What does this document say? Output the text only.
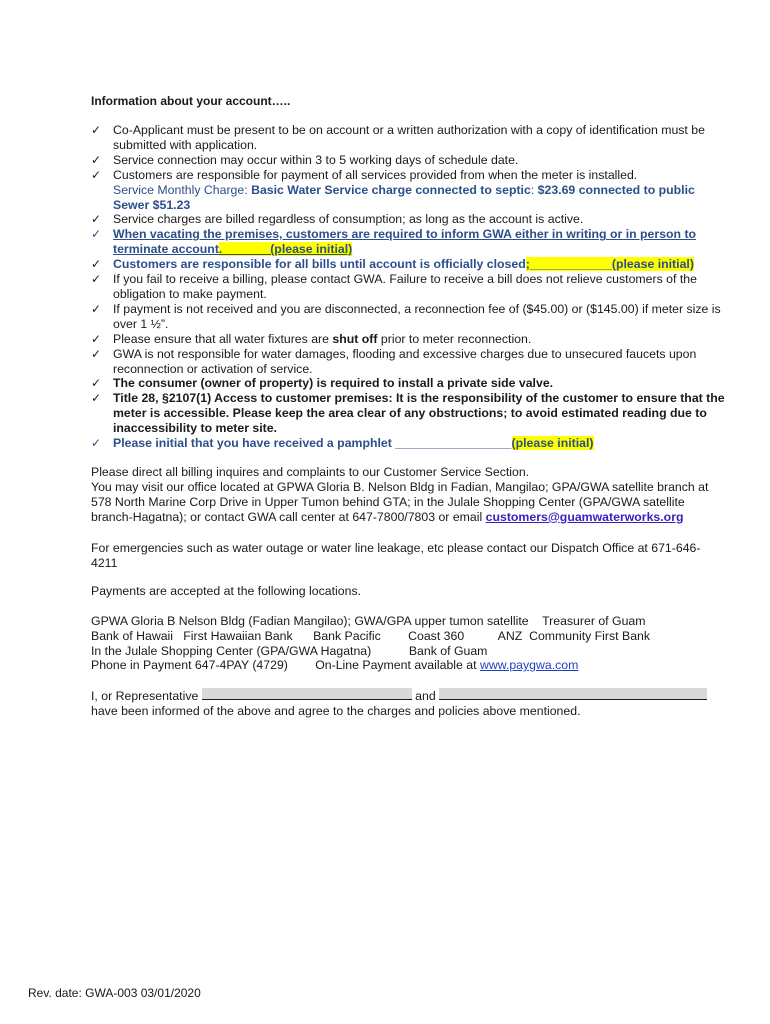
Information about your account…..
✓ Co-Applicant must be present to be on account or a written authorization with a copy of identification must be submitted with application.
✓ Service connection may occur within 3 to 5 working days of schedule date.
✓ Customers are responsible for payment of all services provided from when the meter is installed.
Service Monthly Charge: Basic Water Service charge connected to septic: $23.69 connected to public Sewer $51.23
✓ Service charges are billed regardless of consumption; as long as the account is active.
✓ When vacating the premises, customers are required to inform GWA either in writing or in person to terminate account._______(please initial)
✓ Customers are responsible for all bills until account is officially closed;____________(please initial)
✓ If you fail to receive a billing, please contact GWA. Failure to receive a bill does not relieve customers of the obligation to make payment.
✓ If payment is not received and you are disconnected, a reconnection fee of ($45.00) or ($145.00) if meter size is over 1 ½”.
✓ Please ensure that all water fixtures are shut off prior to meter reconnection.
✓ GWA is not responsible for water damages, flooding and excessive charges due to unsecured faucets upon reconnection or activation of service.
✓ The consumer (owner of property) is required to install a private side valve.
✓ Title 28, §2107(1) Access to customer premises: It is the responsibility of the customer to ensure that the meter is accessible. Please keep the area clear of any obstructions; to avoid estimated reading due to inaccessibility to meter site.
✓ Please initial that you have received a pamphlet _________________(please initial)
Please direct all billing inquires and complaints to our Customer Service Section.
You may visit our office located at GPWA Gloria B. Nelson Bldg in Fadian, Mangilao; GPA/GWA satellite branch at 578 North Marine Corp Drive in Upper Tumon behind GTA; in the Julale Shopping Center (GPA/GWA satellite branch-Hagatna); or contact GWA call center at 647-7800/7803 or email customers@guamwaterworks.org
For emergencies such as water outage or water line leakage, etc please contact our Dispatch Office at 671-646-4211
Payments are accepted at the following locations.
GPWA Gloria B Nelson Bldg (Fadian Mangilao); GWA/GPA upper tumon satellite    Treasurer of Guam
Bank of Hawaii   First Hawaiian Bank      Bank Pacific        Coast 360          ANZ  Community First Bank
In the Julale Shopping Center (GPA/GWA Hagatna)           Bank of Guam
Phone in Payment 647-4PAY (4729)        On-Line Payment available at www.paygwa.com
I, or Representative	and
have been informed of the above and agree to the charges and policies above mentioned.
Rev. date: GWA-003 03/01/2020
